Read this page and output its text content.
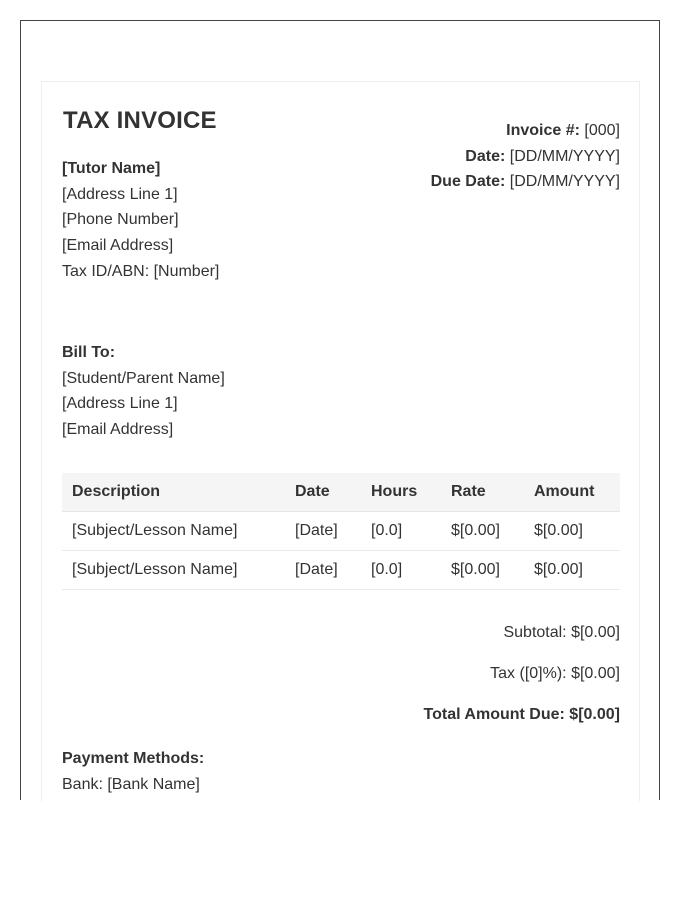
TAX INVOICE
[Tutor Name]
[Address Line 1]
[Phone Number]
[Email Address]
Tax ID/ABN: [Number]
Invoice #: [000]
Date: [DD/MM/YYYY]
Due Date: [DD/MM/YYYY]
Bill To:
[Student/Parent Name]
[Address Line 1]
[Email Address]
Description	Date	Hours	Rate	Amount
[Subject/Lesson Name]	[Date]	[0.0]	$[0.00]	$[0.00]
[Subject/Lesson Name]	[Date]	[0.0]	$[0.00]	$[0.00]
Subtotal: $[0.00]
Tax ([0]%): $[0.00]
Total Amount Due: $[0.00]
Payment Methods:
Bank: [Bank Name]
